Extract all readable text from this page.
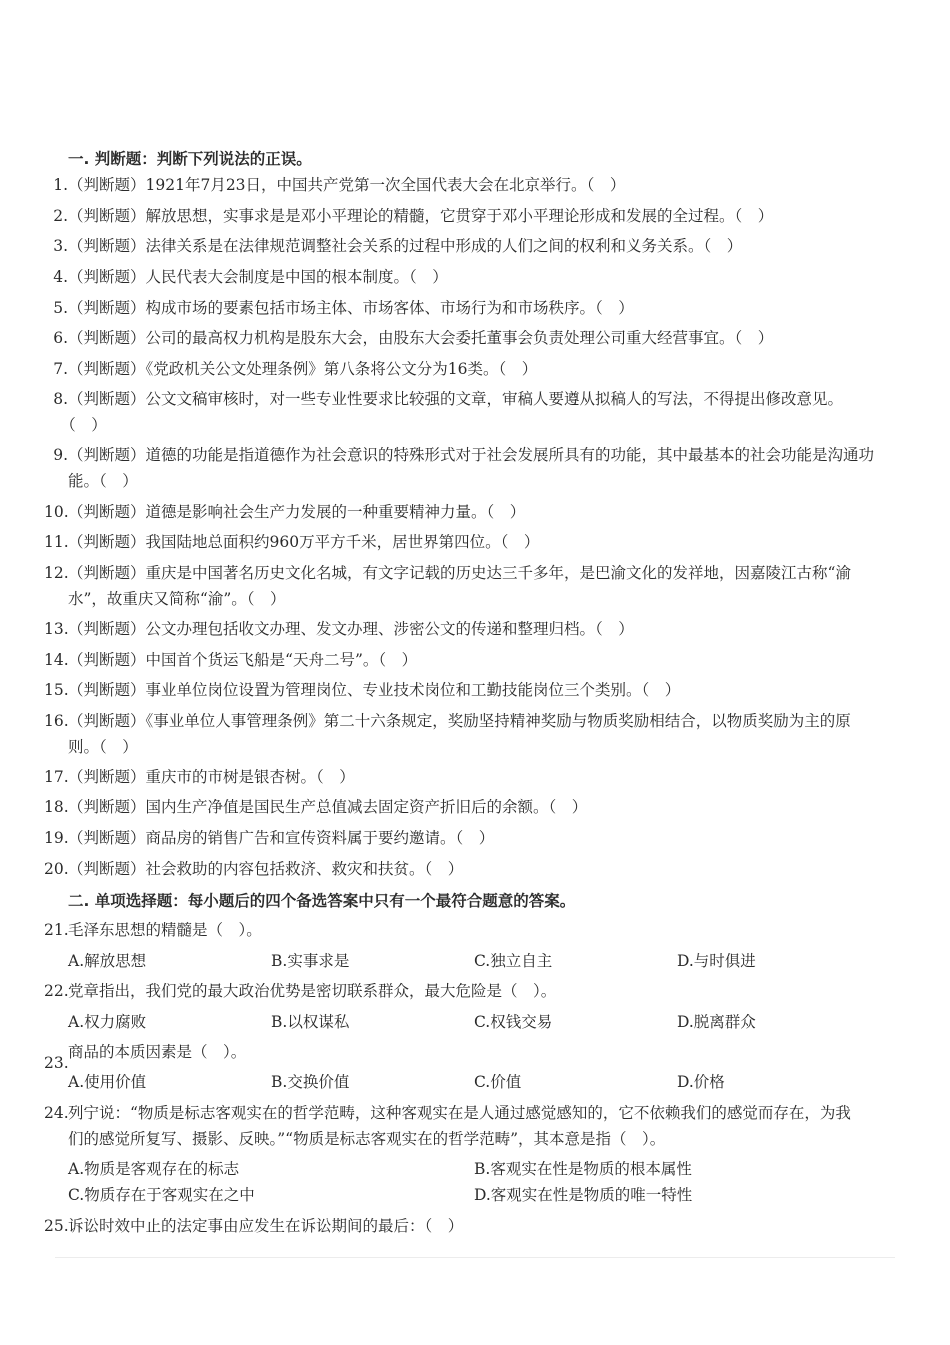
一. 判断题：判断下列说法的正误。
1. （判断题）1921年7月23日，中国共产党第一次全国代表大会在北京举行。（　）
2. （判断题）解放思想，实事求是是邓小平理论的精髓，它贯穿于邓小平理论形成和发展的全过程。（　）
3. （判断题）法律关系是在法律规范调整社会关系的过程中形成的人们之间的权利和义务关系。（　）
4. （判断题）人民代表大会制度是中国的根本制度。（　）
5. （判断题）构成市场的要素包括市场主体、市场客体、市场行为和市场秩序。（　）
6. （判断题）公司的最高权力机构是股东大会，由股东大会委托董事会负责处理公司重大经营事宜。（　）
7. （判断题）《党政机关公文处理条例》第八条将公文分为16类。（　）
8. （判断题）公文文稿审核时，对一些专业性要求比较强的文章，审稿人要遵从拟稿人的写法，不得提出修改意见。（　）
9. （判断题）道德的功能是指道德作为社会意识的特殊形式对于社会发展所具有的功能，其中最基本的社会功能是沟通功能。（　）
10. （判断题）道德是影响社会生产力发展的一种重要精神力量。（　）
11. （判断题）我国陆地总面积约960万平方千米，居世界第四位。（　）
12. （判断题）重庆是中国著名历史文化名城，有文字记载的历史达三千多年，是巴渝文化的发祥地，因嘉陵江古称“渝水”，故重庆又简称“渝”。（　）
13. （判断题）公文办理包括收文办理、发文办理、涉密公文的传递和整理归档。（　）
14. （判断题）中国首个货运飞船是“天舟二号”。（　）
15. （判断题）事业单位岗位设置为管理岗位、专业技术岗位和工勤技能岗位三个类别。（　）
16. （判断题）《事业单位人事管理条例》第二十六条规定，奖励坚持精神奖励与物质奖励相结合，以物质奖励为主的原则。（　）
17. （判断题）重庆市的市树是银杏树。（　）
18. （判断题）国内生产净值是国民生产总值减去固定资产折旧后的余额。（　）
19. （判断题）商品房的销售广告和宣传资料属于要约邀请。（　）
20. （判断题）社会救助的内容包括救济、救灾和扶贫。（　）
二. 单项选择题：每小题后的四个备选答案中只有一个最符合题意的答案。
21. 毛泽东思想的精髓是（　）。
A.解放思想	B.实事求是	C.独立自主	D.与时俱进
22. 党章指出，我们党的最大政治优势是密切联系群众，最大危险是（　）。
A.权力腐败	B.以权谋私	C.权钱交易	D.脱离群众
23.
商品的本质因素是（　）。
A.使用价值	B.交换价值	C.价值	D.价格
24. 列宁说：“物质是标志客观实在的哲学范畴，这种客观实在是人通过感觉感知的，它不依赖我们的感觉而存在，为我们的感觉所复写、摄影、反映。”“物质是标志客观实在的哲学范畴”，其本意是指（　）。
A.物质是客观存在的标志	B.客观实在性是物质的根本属性
C.物质存在于客观实在之中	D.客观实在性是物质的唯一特性
25. 诉讼时效中止的法定事由应发生在诉讼期间的最后：（　）
